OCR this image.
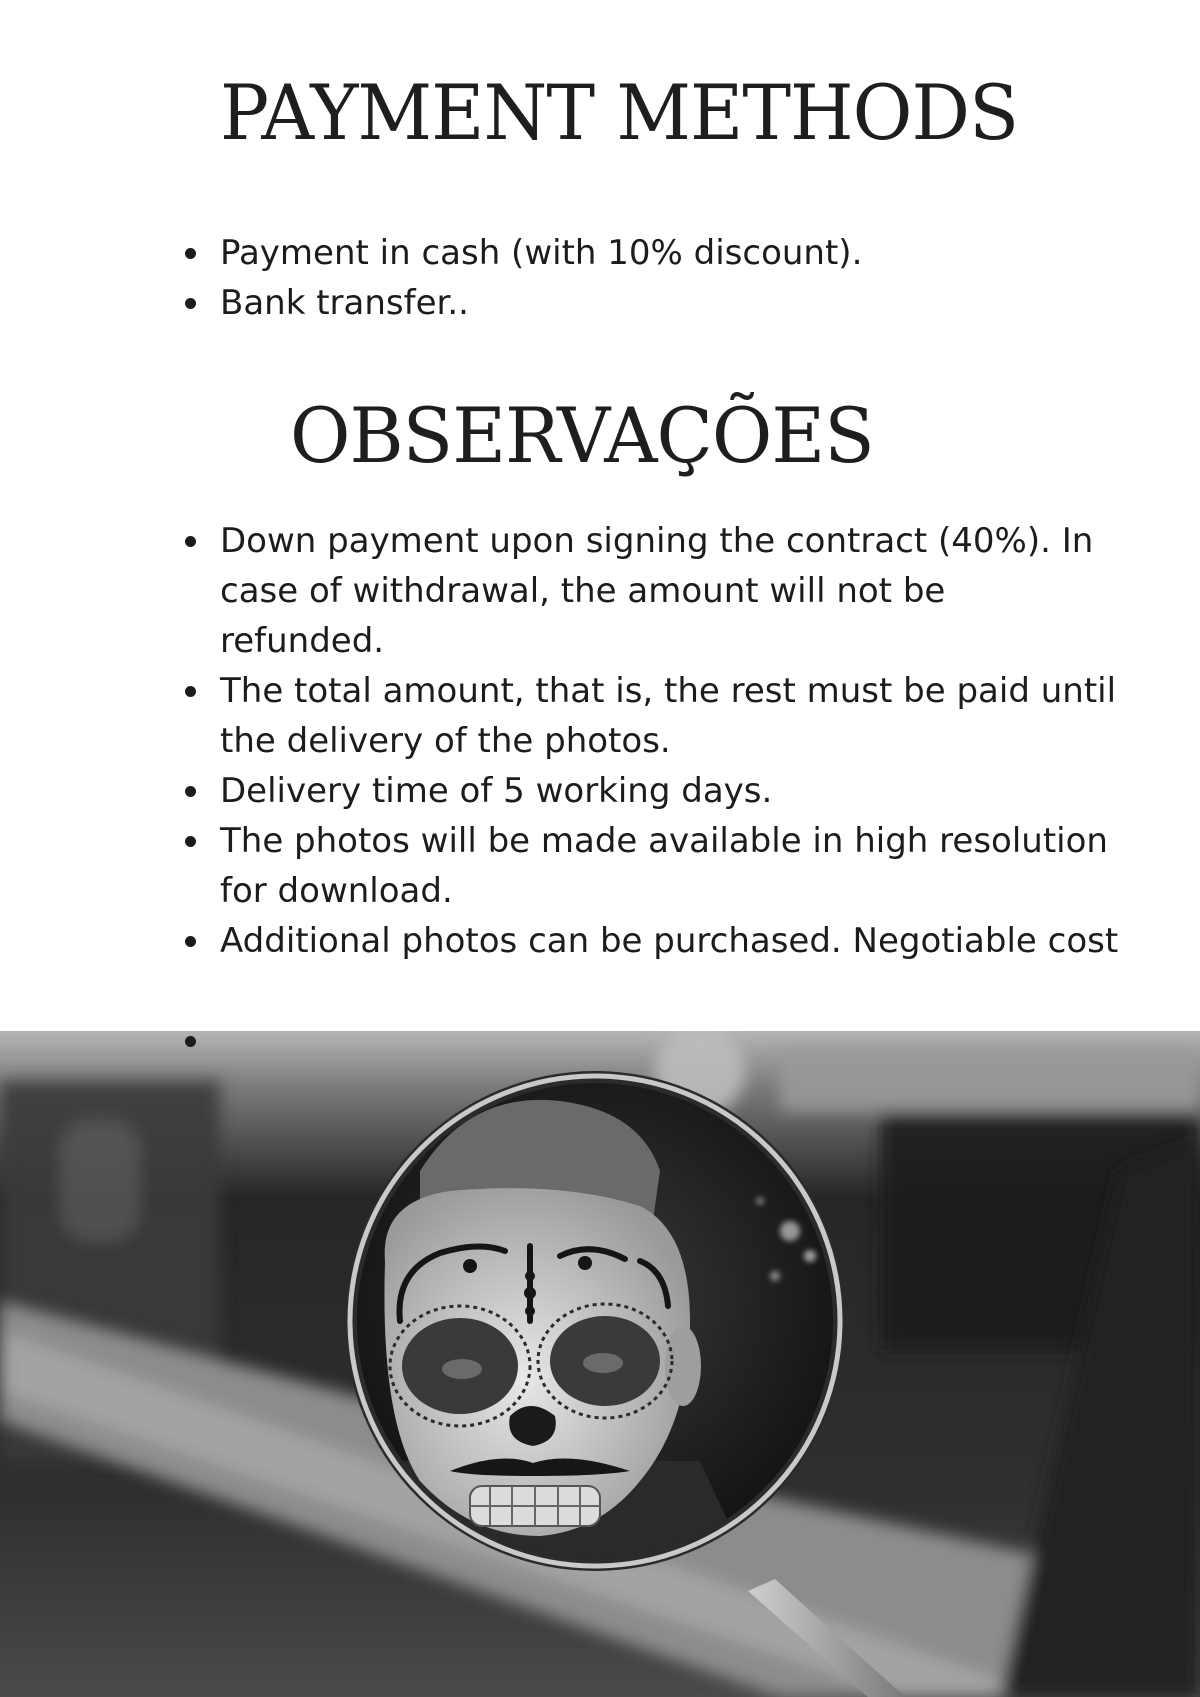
PAYMENT METHODS
Payment in cash (with 10% discount).
Bank transfer..
OBSERVAÇÕES
Down payment upon signing the contract (40%). In case of withdrawal, the amount will not be refunded.
The total amount, that is, the rest must be paid until the delivery of the photos.
Delivery time of 5 working days.
The photos will be made available in high resolution for download.
Additional photos can be purchased. Negotiable cost
